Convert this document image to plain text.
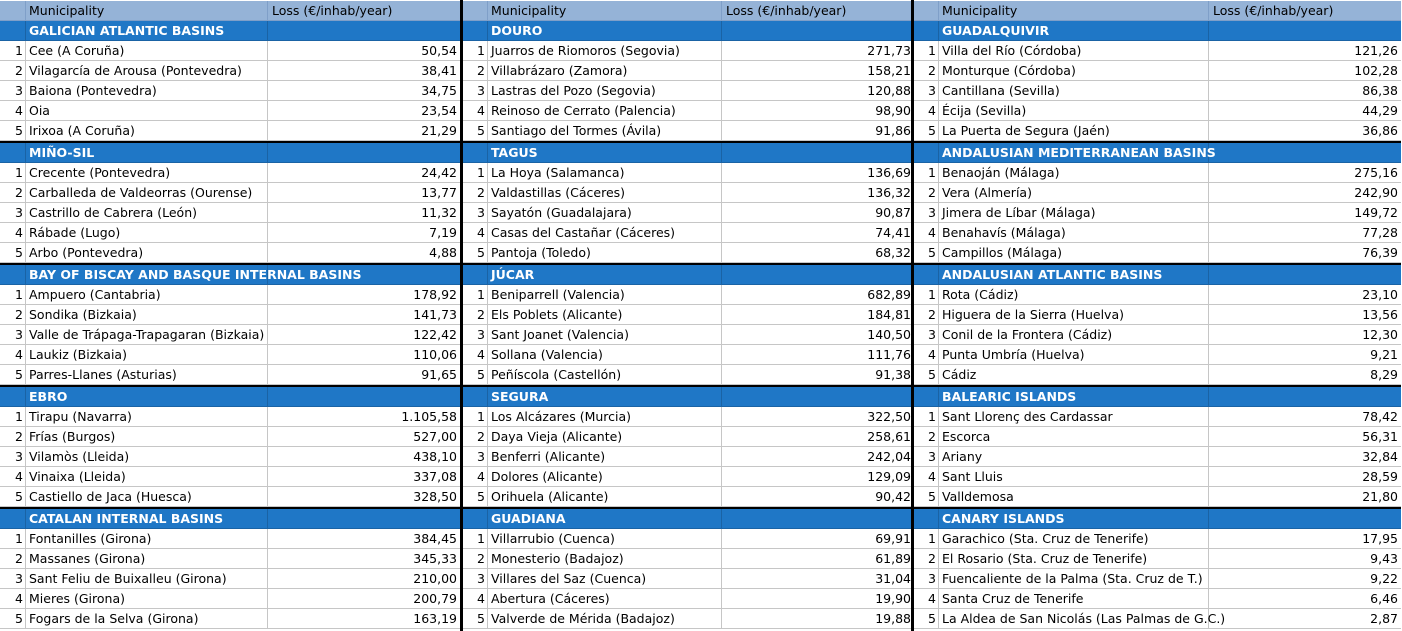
Municipality	Loss (€/inhab/year)
GALICIAN ATLANTIC BASINS
1 Cee (A Coruña)	50,54
2 Vilagarcía de Arousa (Pontevedra)	38,41
3 Baiona (Pontevedra)	34,75
4 Oia	23,54
5 Irixoa (A Coruña)	21,29
MIÑO-SIL
1 Crecente (Pontevedra)	24,42
2 Carballeda de Valdeorras (Ourense)	13,77
3 Castrillo de Cabrera (León)	11,32
4 Rábade (Lugo)	7,19
5 Arbo (Pontevedra)	4,88
BAY OF BISCAY AND BASQUE INTERNAL BASINS
1 Ampuero (Cantabria)	178,92
2 Sondika (Bizkaia)	141,73
3 Valle de Trápaga-Trapagaran (Bizkaia)	122,42
4 Laukiz (Bizkaia)	110,06
5 Parres-Llanes (Asturias)	91,65
EBRO
1 Tirapu (Navarra)	1.105,58
2 Frías (Burgos)	527,00
3 Vilamòs (Lleida)	438,10
4 Vinaixa (Lleida)	337,08
5 Castiello de Jaca (Huesca)	328,50
CATALAN INTERNAL BASINS
1 Fontanilles (Girona)	384,45
2 Massanes (Girona)	345,33
3 Sant Feliu de Buixalleu (Girona)	210,00
4 Mieres (Girona)	200,79
5 Fogars de la Selva (Girona)	163,19
Municipality	Loss (€/inhab/year)
DOURO
1 Juarros de Riomoros (Segovia)	271,73
2 Villabrázaro (Zamora)	158,21
3 Lastras del Pozo (Segovia)	120,88
4 Reinoso de Cerrato (Palencia)	98,90
5 Santiago del Tormes (Ávila)	91,86
TAGUS
1 La Hoya (Salamanca)	136,69
2 Valdastillas (Cáceres)	136,32
3 Sayatón (Guadalajara)	90,87
4 Casas del Castañar (Cáceres)	74,41
5 Pantoja (Toledo)	68,32
JÚCAR
1 Beniparrell (Valencia)	682,89
2 Els Poblets (Alicante)	184,81
3 Sant Joanet (Valencia)	140,50
4 Sollana (Valencia)	111,76
5 Peñíscola (Castellón)	91,38
SEGURA
1 Los Alcázares (Murcia)	322,50
2 Daya Vieja (Alicante)	258,61
3 Benferri (Alicante)	242,04
4 Dolores (Alicante)	129,09
5 Orihuela (Alicante)	90,42
GUADIANA
1 Villarrubio (Cuenca)	69,91
2 Monesterio (Badajoz)	61,89
3 Villares del Saz (Cuenca)	31,04
4 Abertura (Cáceres)	19,90
5 Valverde de Mérida (Badajoz)	19,88
Municipality	Loss (€/inhab/year)
GUADALQUIVIR
1 Villa del Río (Córdoba)	121,26
2 Monturque (Córdoba)	102,28
3 Cantillana (Sevilla)	86,38
4 Écija (Sevilla)	44,29
5 La Puerta de Segura (Jaén)	36,86
ANDALUSIAN MEDITERRANEAN BASINS
1 Benaoján (Málaga)	275,16
2 Vera (Almería)	242,90
3 Jimera de Líbar (Málaga)	149,72
4 Benahavís (Málaga)	77,28
5 Campillos (Málaga)	76,39
ANDALUSIAN ATLANTIC BASINS
1 Rota (Cádiz)	23,10
2 Higuera de la Sierra (Huelva)	13,56
3 Conil de la Frontera (Cádiz)	12,30
4 Punta Umbría (Huelva)	9,21
5 Cádiz	8,29
BALEARIC ISLANDS
1 Sant Llorenç des Cardassar	78,42
2 Escorca	56,31
3 Ariany	32,84
4 Sant Lluis	28,59
5 Valldemosa	21,80
CANARY ISLANDS
1 Garachico (Sta. Cruz de Tenerife)	17,95
2 El Rosario (Sta. Cruz de Tenerife)	9,43
3 Fuencaliente de la Palma (Sta. Cruz de T.)	9,22
4 Santa Cruz de Tenerife	6,46
5 La Aldea de San Nicolás (Las Palmas de G.C.)	2,87
